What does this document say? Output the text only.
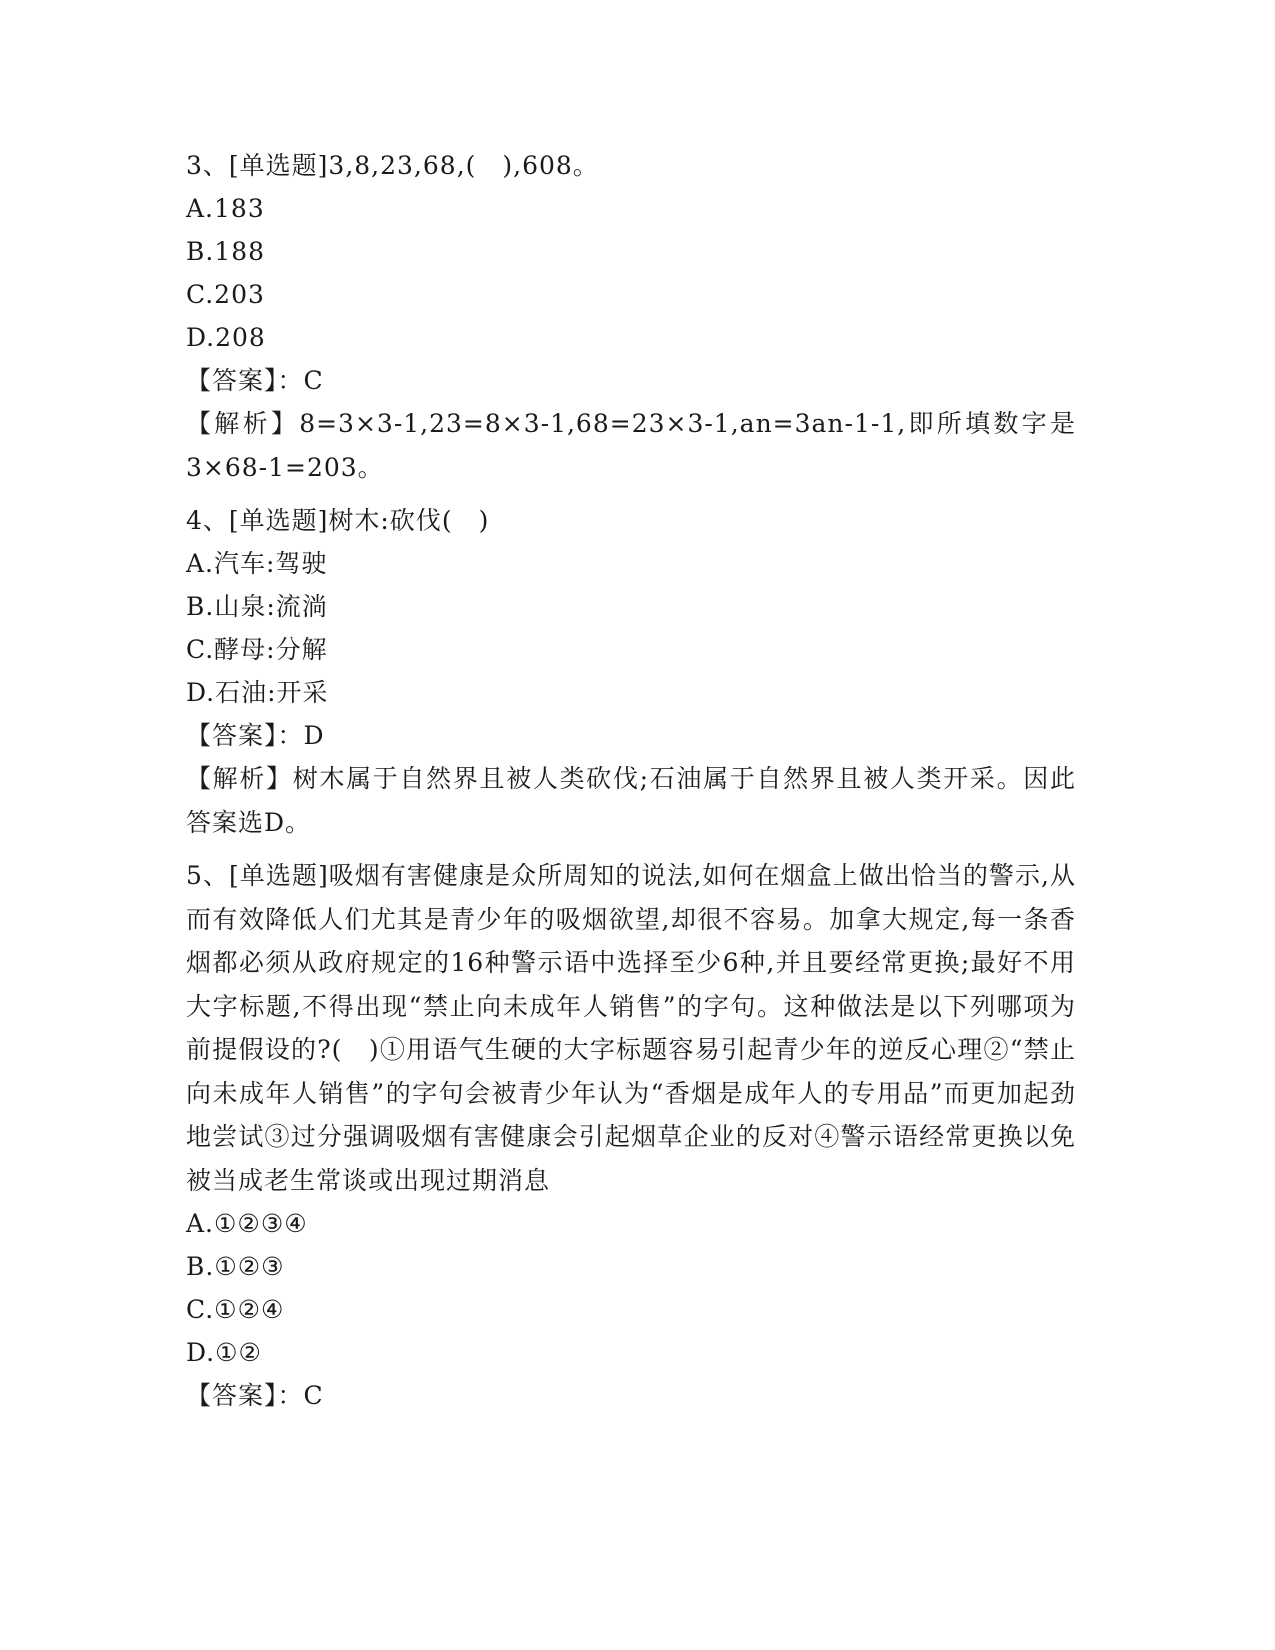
3、[单选题]3,8,23,68,(　),608。
A.183
B.188
C.203
D.208
【答案】：C
【解析】8=3×3-1,23=8×3-1,68=23×3-1,an=3an-1-1,即所填数字是3×68-1=203。
4、[单选题]树木:砍伐(　)
A.汽车:驾驶
B.山泉:流淌
C.酵母:分解
D.石油:开采
【答案】：D
【解析】树木属于自然界且被人类砍伐;石油属于自然界且被人类开采。因此答案选D。
5、[单选题]吸烟有害健康是众所周知的说法,如何在烟盒上做出恰当的警示,从而有效降低人们尤其是青少年的吸烟欲望,却很不容易。加拿大规定,每一条香烟都必须从政府规定的16种警示语中选择至少6种,并且要经常更换;最好不用大字标题,不得出现“禁止向未成年人销售”的字句。这种做法是以下列哪项为前提假设的?(　)①用语气生硬的大字标题容易引起青少年的逆反心理②“禁止向未成年人销售”的字句会被青少年认为“香烟是成年人的专用品”而更加起劲地尝试③过分强调吸烟有害健康会引起烟草企业的反对④警示语经常更换以免被当成老生常谈或出现过期消息
A.①②③④
B.①②③
C.①②④
D.①②
【答案】：C
